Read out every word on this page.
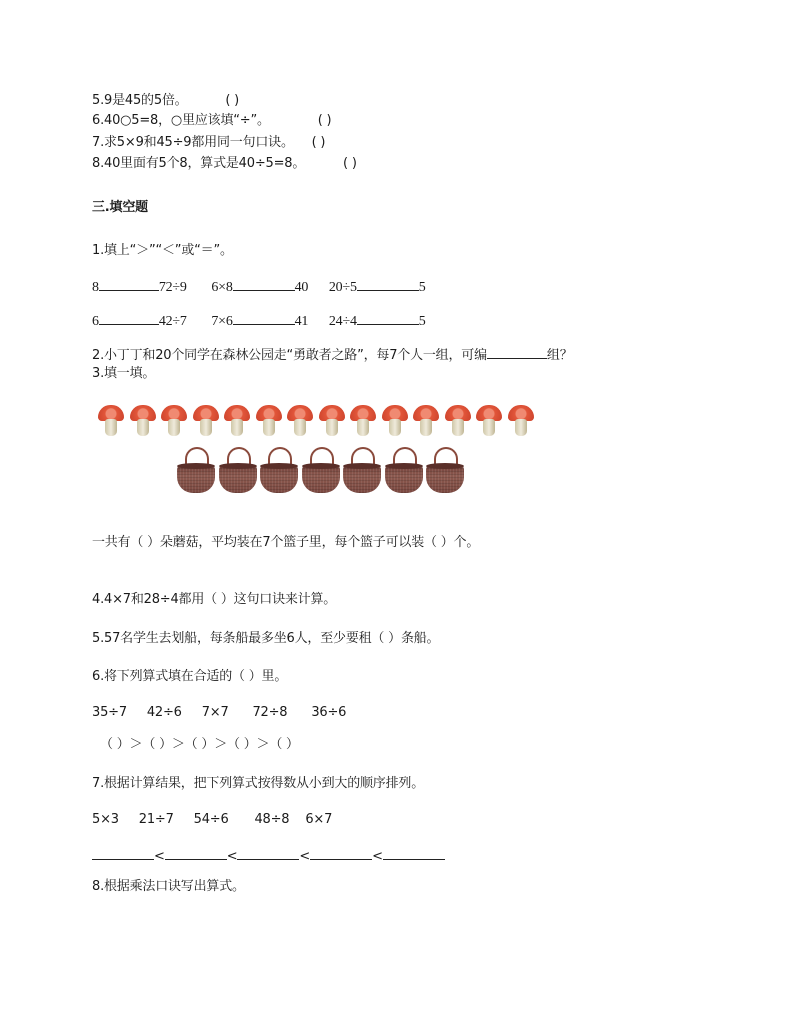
5.9是45的5倍。	( )
6.40○5=8，○里应该填“÷”。	( )
7.求5×9和45÷9都用同一句口诀。 ( )
8.40里面有5个8，算式是40÷5=8。	( )
三.填空题
1.填上“＞”“＜”或“＝”。
8	72÷9 6×8	40 20÷5	5
6	42÷7 7×6	41 24÷4	5
2.小丁丁和20个同学在森林公园走“勇敢者之路”，每7个人一组，可编	组？
3.填一填。
一共有（ ）朵蘑菇，平均装在7个篮子里，每个篮子可以装（ ）个。
4.4×7和28÷4都用（ ）这句口诀来计算。
5.57名学生去划船，每条船最多坐6人，至少要租（ ）条船。
6.将下列算式填在合适的（ ）里。
35÷7 42÷6 7×7 72÷8 36÷6
（ ）＞（ ）＞（ ）＞（ ）＞（ ）
7.根据计算结果，把下列算式按得数从小到大的顺序排列。
5×3 21÷7 54÷6 48÷8 6×7
<	<	<	<
8.根据乘法口诀写出算式。
